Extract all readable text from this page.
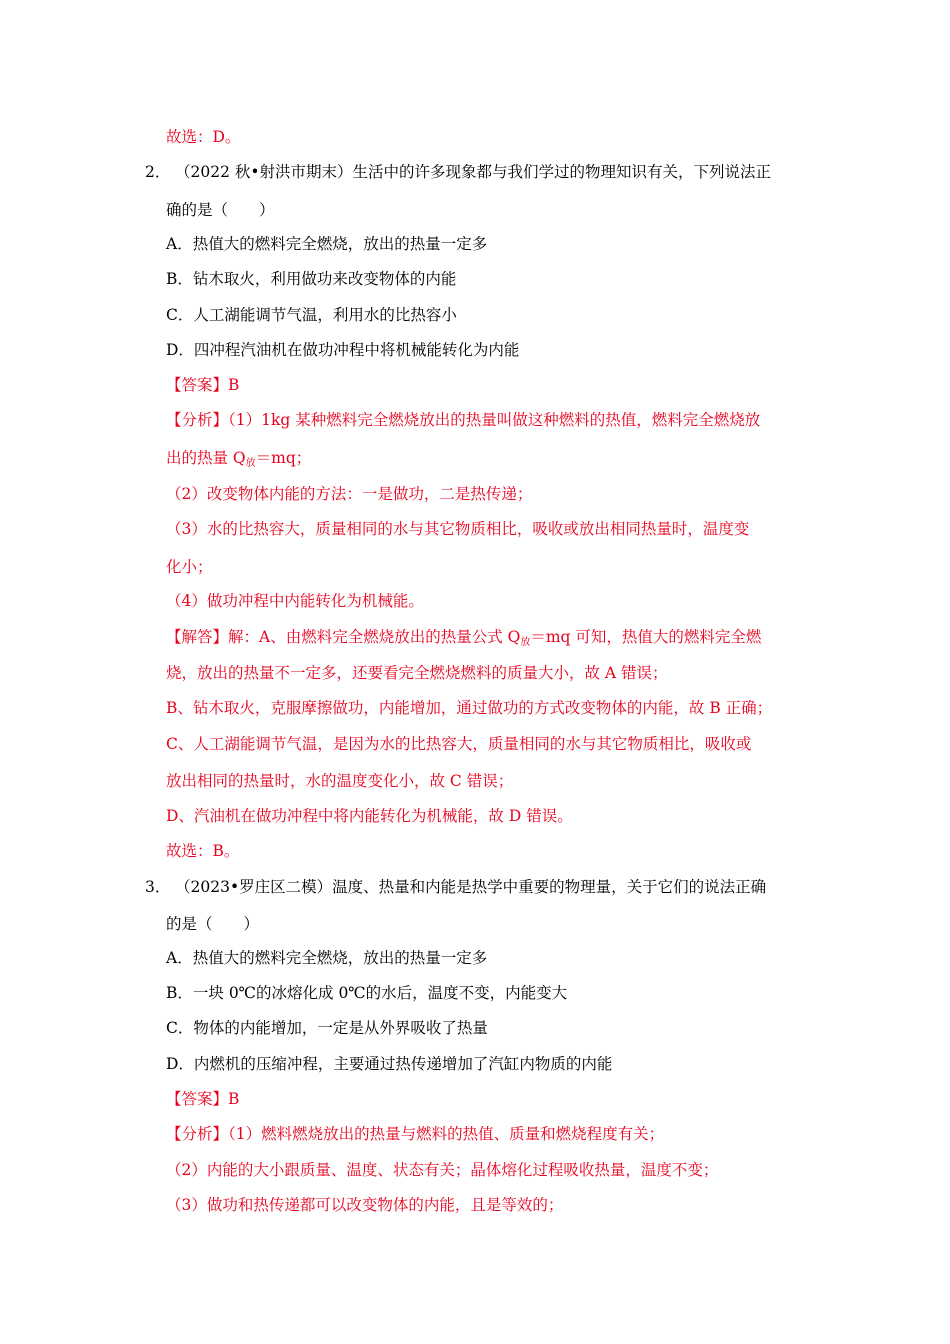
故选：D。
2． （2022 秋•射洪市期末）生活中的许多现象都与我们学过的物理知识有关，下列说法正
确的是（　　）
A．热值大的燃料完全燃烧，放出的热量一定多
B．钻木取火，利用做功来改变物体的内能
C．人工湖能调节气温，利用水的比热容小
D．四冲程汽油机在做功冲程中将机械能转化为内能
【答案】B
【分析】（1）1kg 某种燃料完全燃烧放出的热量叫做这种燃料的热值，燃料完全燃烧放
出的热量 $Q_放=mq$；
（2）改变物体内能的方法：一是做功，二是热传递；
（3）水的比热容大，质量相同的水与其它物质相比，吸收或放出相同热量时，温度变
化小；
（4）做功冲程中内能转化为机械能。
【解答】解：A、由燃料完全燃烧放出的热量公式 $Q_放=mq$ 可知，热值大的燃料完全燃
烧，放出的热量不一定多，还要看完全燃烧燃料的质量大小，故 A 错误；
B、钻木取火，克服摩擦做功，内能增加，通过做功的方式改变物体的内能，故 B 正确；
C、人工湖能调节气温，是因为水的比热容大，质量相同的水与其它物质相比，吸收或
放出相同的热量时，水的温度变化小，故 C 错误；
D、汽油机在做功冲程中将内能转化为机械能，故 D 错误。
故选：B。
3． （2023•罗庄区二模）温度、热量和内能是热学中重要的物理量，关于它们的说法正确
的是（　　）
A．热值大的燃料完全燃烧，放出的热量一定多
B．一块 0℃的冰熔化成 0℃的水后，温度不变，内能变大
C．物体的内能增加，一定是从外界吸收了热量
D．内燃机的压缩冲程，主要通过热传递增加了汽缸内物质的内能
【答案】B
【分析】（1）燃料燃烧放出的热量与燃料的热值、质量和燃烧程度有关；
（2）内能的大小跟质量、温度、状态有关；晶体熔化过程吸收热量，温度不变；
（3）做功和热传递都可以改变物体的内能，且是等效的；
